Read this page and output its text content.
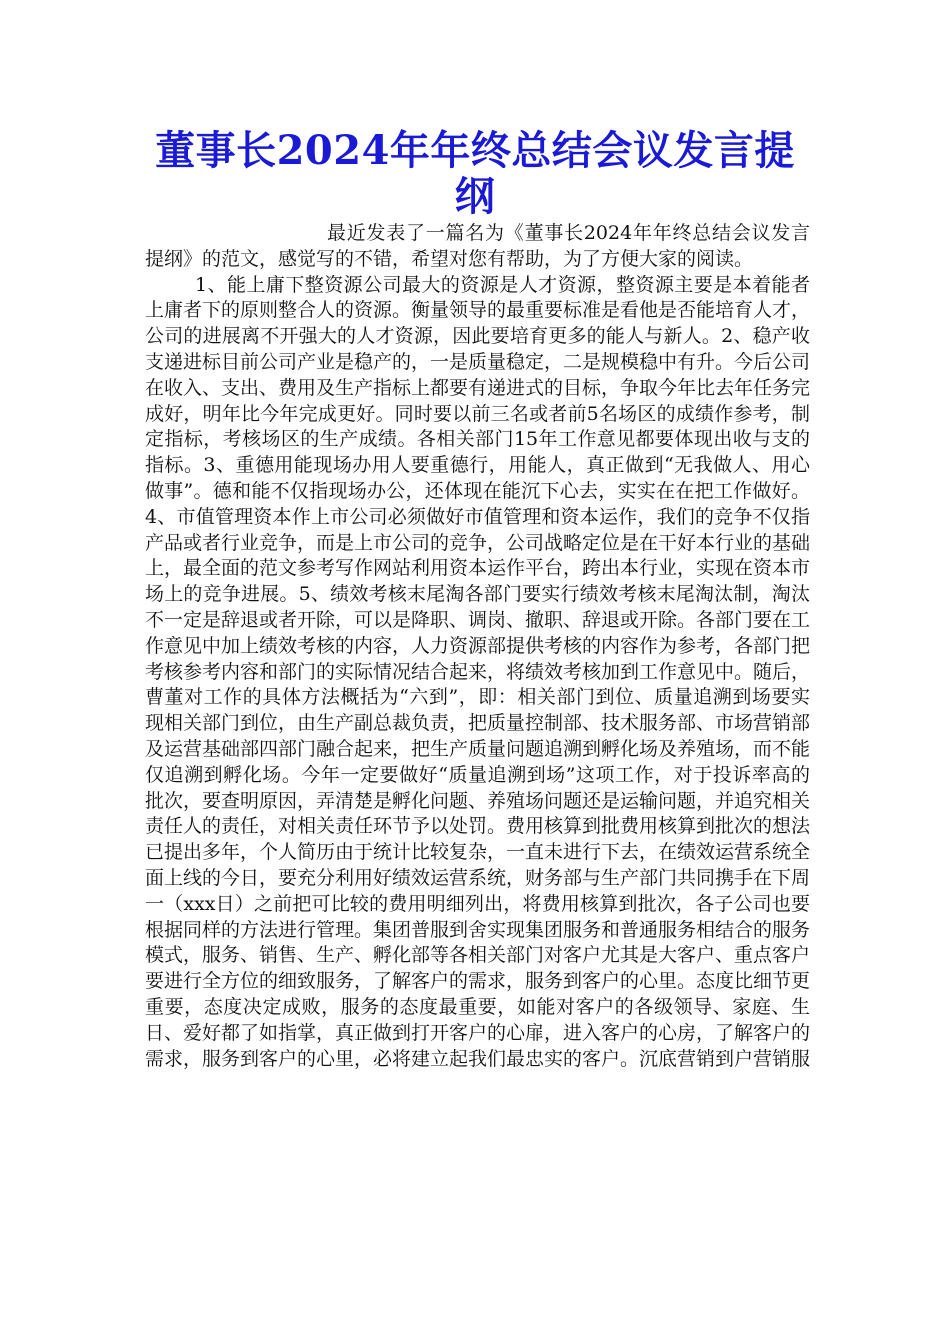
董事长2024年年终总结会议发言提纲

最近发表了一篇名为《董事长2024年年终总结会议发言提纲》的范文，感觉写的不错，希望对您有帮助，为了方便大家的阅读。

1、能上庸下整资源公司最大的资源是人才资源，整资源主要是本着能者上庸者下的原则整合人的资源。衡量领导的最重要标准是看他是否能培育人才，公司的进展离不开强大的人才资源，因此要培育更多的能人与新人。2、稳产收支递进标目前公司产业是稳产的，一是质量稳定，二是规模稳中有升。今后公司在收入、支出、费用及生产指标上都要有递进式的目标，争取今年比去年任务完成好，明年比今年完成更好。同时要以前三名或者前5名场区的成绩作参考，制定指标，考核场区的生产成绩。各相关部门15年工作意见都要体现出收与支的指标。3、重德用能现场办用人要重德行，用能人，真正做到“无我做人、用心做事”。德和能不仅指现场办公，还体现在能沉下心去，实实在在把工作做好。4、市值管理资本作上市公司必须做好市值管理和资本运作，我们的竞争不仅指产品或者行业竞争，而是上市公司的竞争，公司战略定位是在干好本行业的基础上，最全面的范文参考写作网站利用资本运作平台，跨出本行业，实现在资本市场上的竞争进展。5、绩效考核末尾淘各部门要实行绩效考核末尾淘汰制，淘汰不一定是辞退或者开除，可以是降职、调岗、撤职、辞退或开除。各部门要在工作意见中加上绩效考核的内容，人力资源部提供考核的内容作为参考，各部门把考核参考内容和部门的实际情况结合起来，将绩效考核加到工作意见中。随后，曹董对工作的具体方法概括为“六到”，即：相关部门到位、质量追溯到场要实现相关部门到位，由生产副总裁负责，把质量控制部、技术服务部、市场营销部及运营基础部四部门融合起来，把生产质量问题追溯到孵化场及养殖场，而不能仅追溯到孵化场。今年一定要做好“质量追溯到场”这项工作，对于投诉率高的批次，要查明原因，弄清楚是孵化问题、养殖场问题还是运输问题，并追究相关责任人的责任，对相关责任环节予以处罚。费用核算到批费用核算到批次的想法已提出多年，个人简历由于统计比较复杂，一直未进行下去，在绩效运营系统全面上线的今日，要充分利用好绩效运营系统，财务部与生产部门共同携手在下周一（xxx日）之前把可比较的费用明细列出，将费用核算到批次，各子公司也要根据同样的方法进行管理。集团普服到舍实现集团服务和普通服务相结合的服务模式，服务、销售、生产、孵化部等各相关部门对客户尤其是大客户、重点客户要进行全方位的细致服务，了解客户的需求，服务到客户的心里。态度比细节更重要，态度决定成败，服务的态度最重要，如能对客户的各级领导、家庭、生日、爱好都了如指掌，真正做到打开客户的心扉，进入客户的心房，了解客户的需求，服务到客户的心里，必将建立起我们最忠实的客户。沉底营销到户营销服
